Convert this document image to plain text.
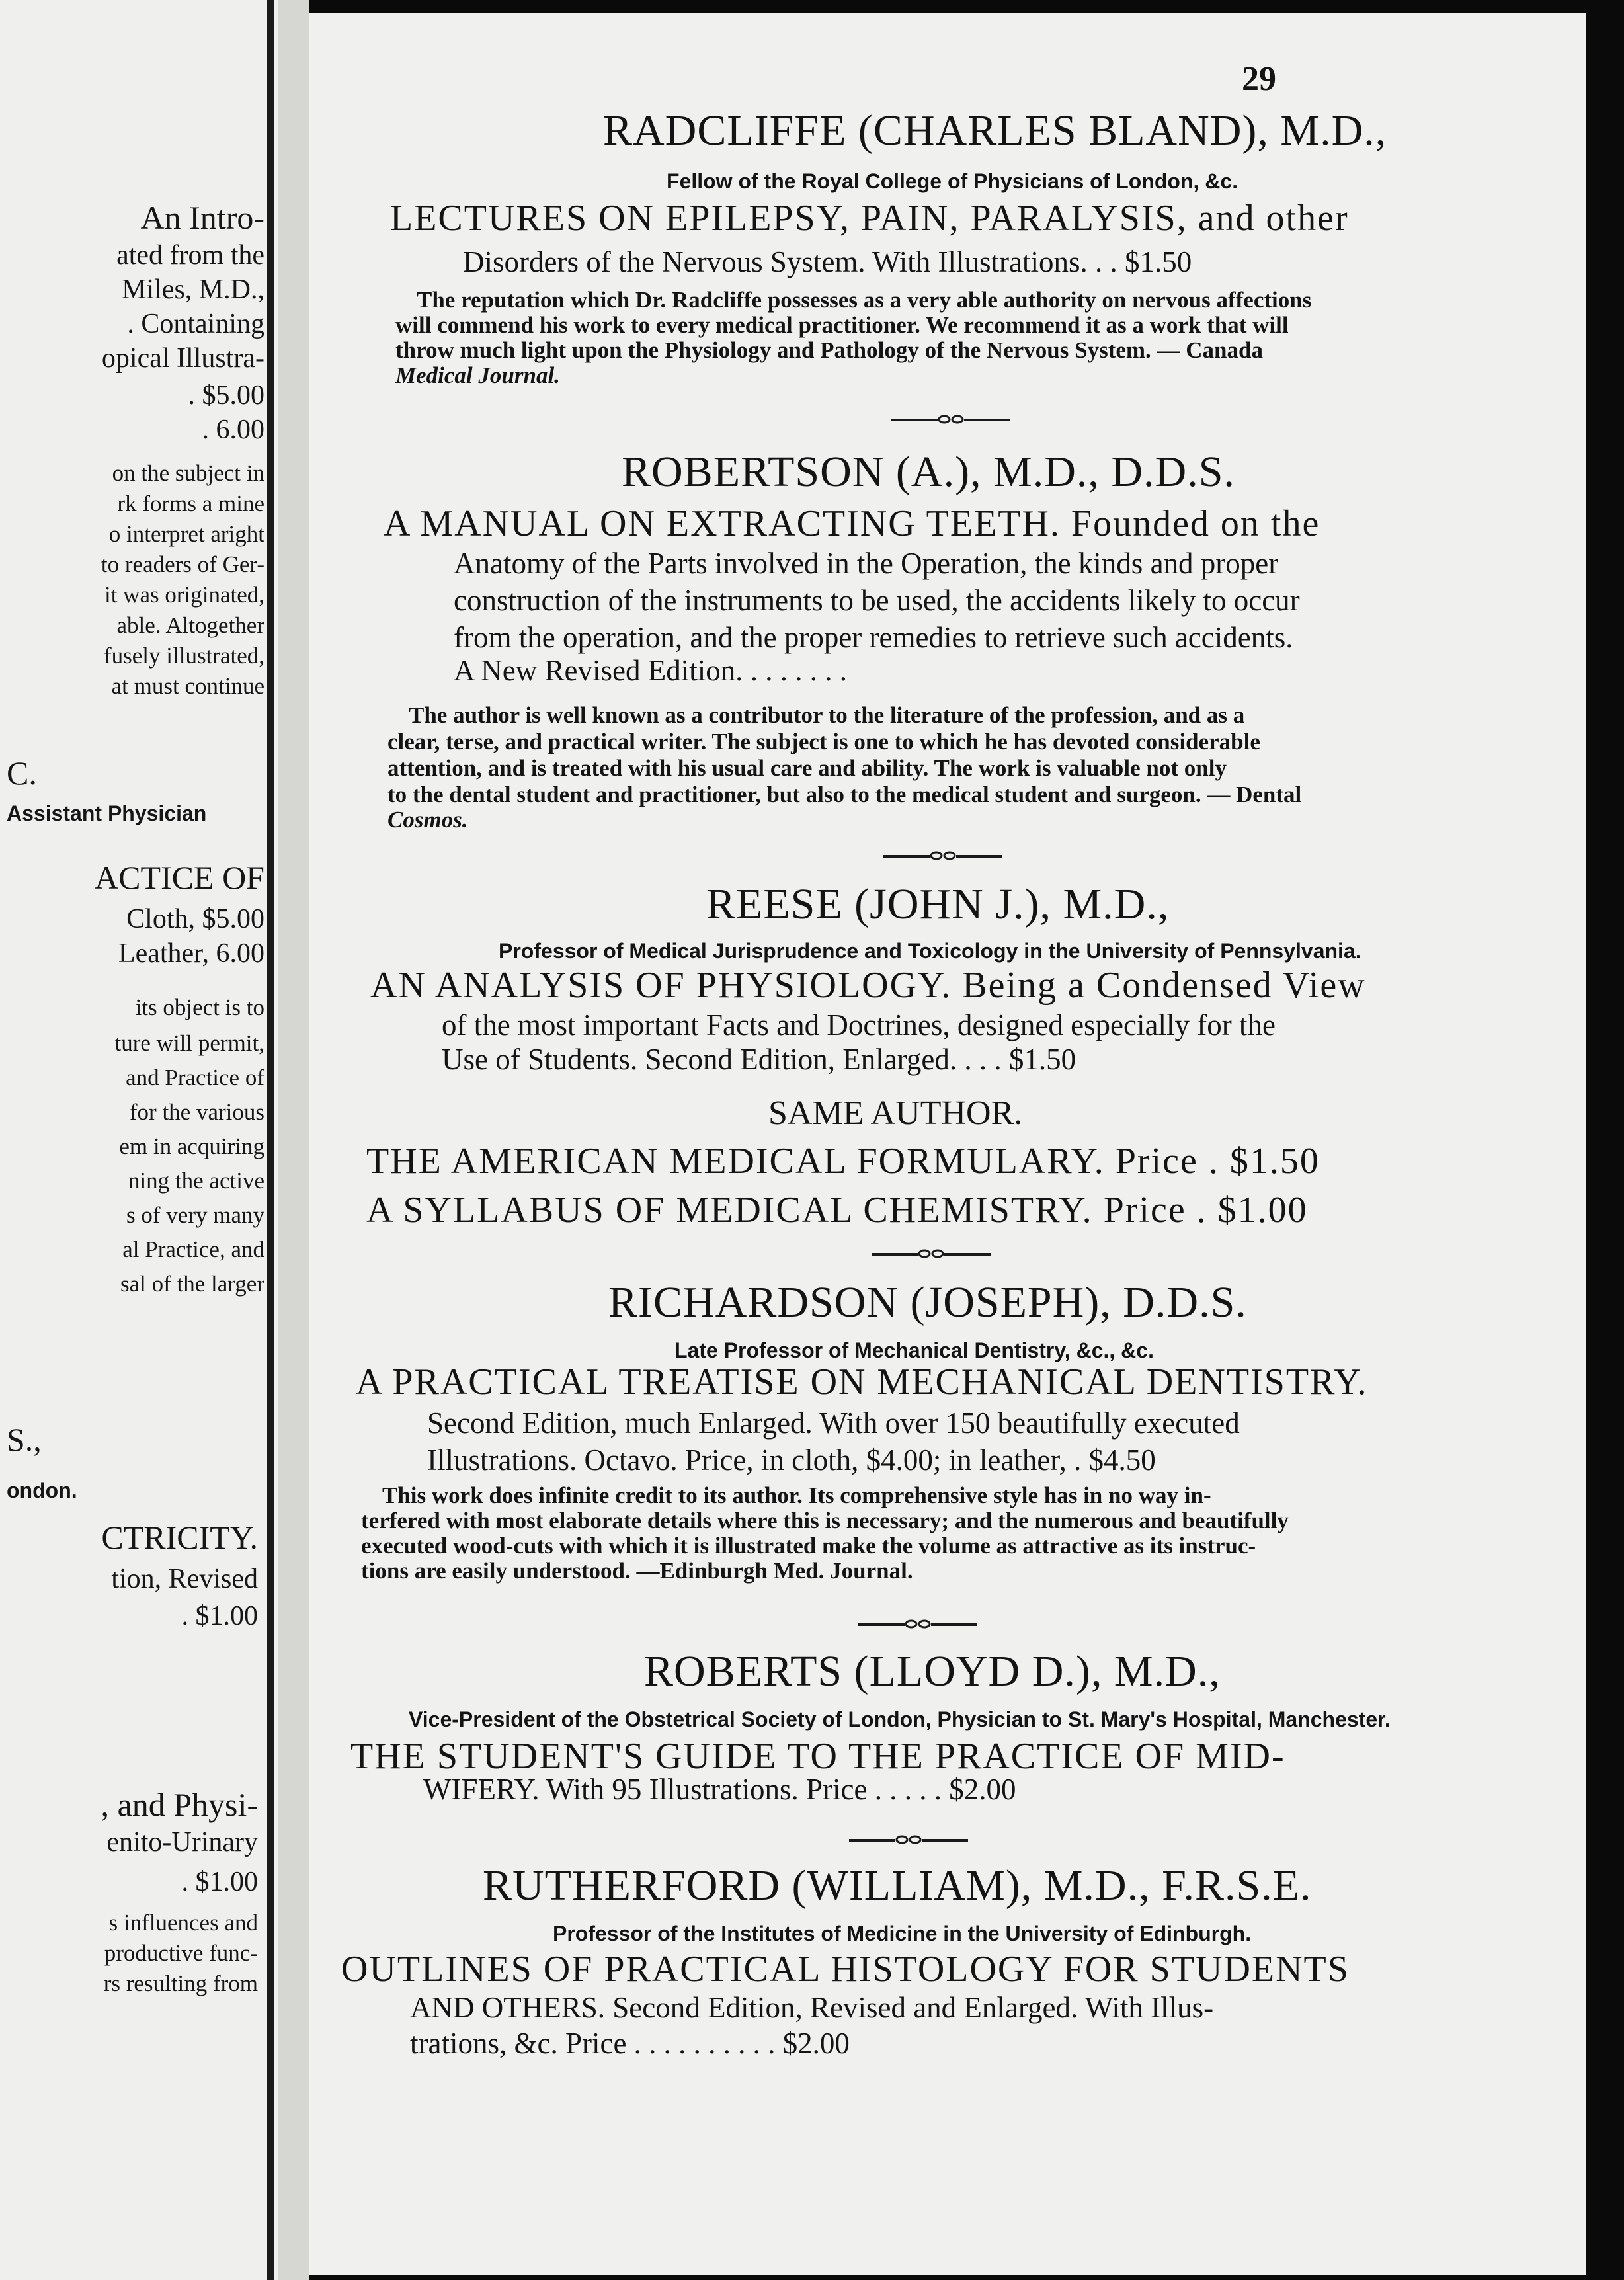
An Intro-
ated from the
Miles, M.D.,
. Containing
opical Illustra-
. $5.00
. 6.00
on the subject in
rk forms a mine
o interpret aright
to readers of Ger-
it was originated,
able. Altogether
fusely illustrated,
at must continue
C.
Assistant Physician
ACTICE OF
Cloth, $5.00
Leather, 6.00
its object is to
ture will permit,
and Practice of
for the various
em in acquiring
ning the active
s of very many
al Practice, and
sal of the larger
S.,
ondon.
CTRICITY.
tion, Revised
. $1.00
, and Physi-
enito-Urinary
. $1.00
s influences and
productive func-
rs resulting from
29
RADCLIFFE (CHARLES BLAND), M.D.,
Fellow of the Royal College of Physicians of London, &c.
LECTURES ON EPILEPSY, PAIN, PARALYSIS, and other
Disorders of the Nervous System. With Illustrations. . . $1.50
The reputation which Dr. Radcliffe possesses as a very able authority on nervous affections
will commend his work to every medical practitioner. We recommend it as a work that will
throw much light upon the Physiology and Pathology of the Nervous System. — Canada
Medical Journal.
ROBERTSON (A.), M.D., D.D.S.
A MANUAL ON EXTRACTING TEETH. Founded on the
Anatomy of the Parts involved in the Operation, the kinds and proper
construction of the instruments to be used, the accidents likely to occur
from the operation, and the proper remedies to retrieve such accidents.
A New Revised Edition. . . . . . . .
The author is well known as a contributor to the literature of the profession, and as a
clear, terse, and practical writer. The subject is one to which he has devoted considerable
attention, and is treated with his usual care and ability. The work is valuable not only
to the dental student and practitioner, but also to the medical student and surgeon. — Dental
Cosmos.
REESE (JOHN J.), M.D.,
Professor of Medical Jurisprudence and Toxicology in the University of Pennsylvania.
AN ANALYSIS OF PHYSIOLOGY. Being a Condensed View
of the most important Facts and Doctrines, designed especially for the
Use of Students. Second Edition, Enlarged. . . . $1.50
SAME AUTHOR.
THE AMERICAN MEDICAL FORMULARY. Price . $1.50
A SYLLABUS OF MEDICAL CHEMISTRY. Price . $1.00
RICHARDSON (JOSEPH), D.D.S.
Late Professor of Mechanical Dentistry, &c., &c.
A PRACTICAL TREATISE ON MECHANICAL DENTISTRY.
Second Edition, much Enlarged. With over 150 beautifully executed
Illustrations. Octavo. Price, in cloth, $4.00; in leather, . $4.50
This work does infinite credit to its author. Its comprehensive style has in no way in-
terfered with most elaborate details where this is necessary; and the numerous and beautifully
executed wood-cuts with which it is illustrated make the volume as attractive as its instruc-
tions are easily understood. —Edinburgh Med. Journal.
ROBERTS (LLOYD D.), M.D.,
Vice-President of the Obstetrical Society of London, Physician to St. Mary's Hospital, Manchester.
THE STUDENT'S GUIDE TO THE PRACTICE OF MID-
WIFERY. With 95 Illustrations. Price . . . . . $2.00
RUTHERFORD (WILLIAM), M.D., F.R.S.E.
Professor of the Institutes of Medicine in the University of Edinburgh.
OUTLINES OF PRACTICAL HISTOLOGY FOR STUDENTS
AND OTHERS. Second Edition, Revised and Enlarged. With Illus-
trations, &c. Price . . . . . . . . . . $2.00
